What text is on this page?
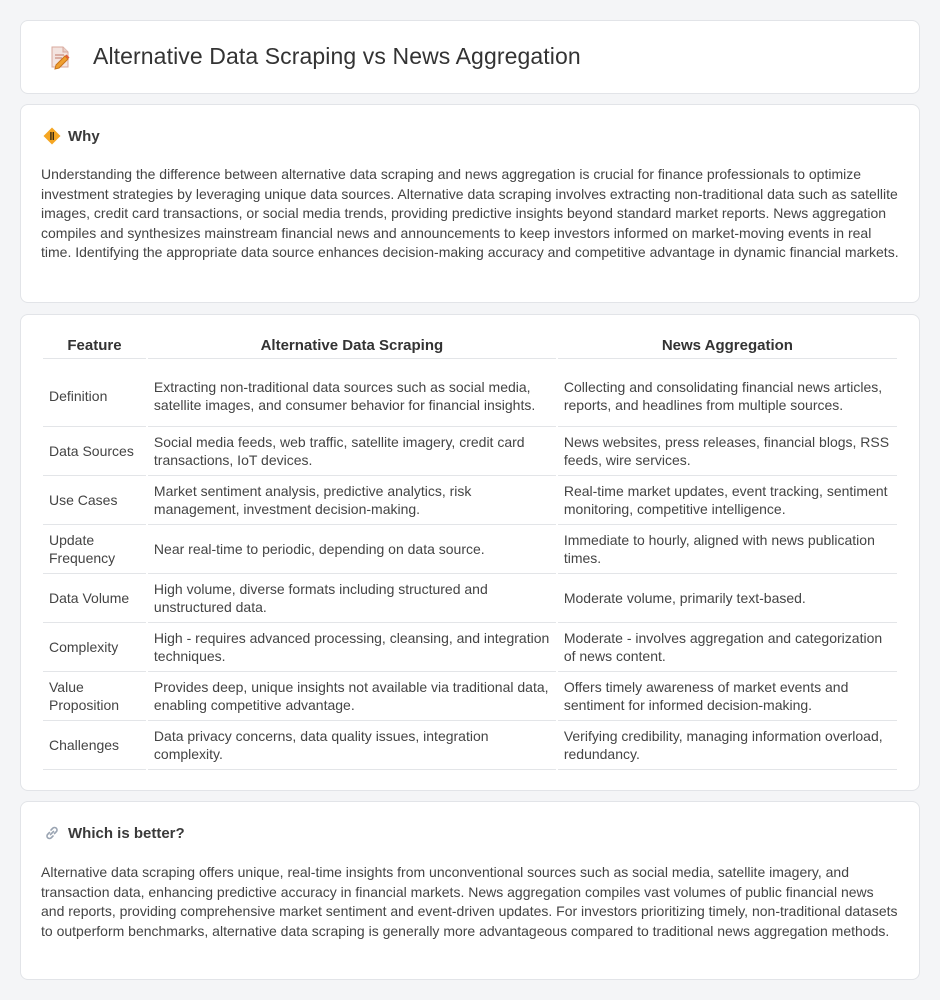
Alternative Data Scraping vs News Aggregation
Why

Understanding the difference between alternative data scraping and news aggregation is crucial for finance professionals to optimize investment strategies by leveraging unique data sources. Alternative data scraping involves extracting non-traditional data such as satellite images, credit card transactions, or social media trends, providing predictive insights beyond standard market reports. News aggregation compiles and synthesizes mainstream financial news and announcements to keep investors informed on market-moving events in real time. Identifying the appropriate data source enhances decision-making accuracy and competitive advantage in dynamic financial markets.

Feature	Alternative Data Scraping	News Aggregation
Definition	Extracting non-traditional data sources such as social media, satellite images, and consumer behavior for financial insights.	Collecting and consolidating financial news articles, reports, and headlines from multiple sources.
Data Sources	Social media feeds, web traffic, satellite imagery, credit card transactions, IoT devices.	News websites, press releases, financial blogs, RSS feeds, wire services.
Use Cases	Market sentiment analysis, predictive analytics, risk management, investment decision-making.	Real-time market updates, event tracking, sentiment monitoring, competitive intelligence.
Update Frequency	Near real-time to periodic, depending on data source.	Immediate to hourly, aligned with news publication times.
Data Volume	High volume, diverse formats including structured and unstructured data.	Moderate volume, primarily text-based.
Complexity	High - requires advanced processing, cleansing, and integration techniques.	Moderate - involves aggregation and categorization of news content.
Value Proposition	Provides deep, unique insights not available via traditional data, enabling competitive advantage.	Offers timely awareness of market events and sentiment for informed decision-making.
Challenges	Data privacy concerns, data quality issues, integration complexity.	Verifying credibility, managing information overload, redundancy.
Which is better?

Alternative data scraping offers unique, real-time insights from unconventional sources such as social media, satellite imagery, and transaction data, enhancing predictive accuracy in financial markets. News aggregation compiles vast volumes of public financial news and reports, providing comprehensive market sentiment and event-driven updates. For investors prioritizing timely, non-traditional datasets to outperform benchmarks, alternative data scraping is generally more advantageous compared to traditional news aggregation methods.
